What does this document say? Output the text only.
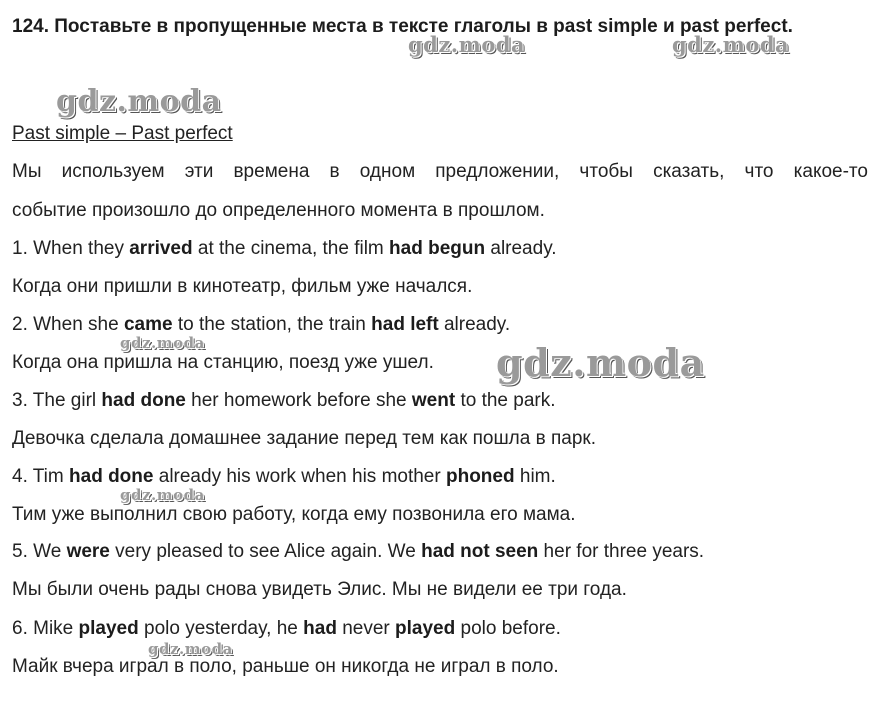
124. Поставьте в пропущенные места в тексте глаголы в past simple и past perfect.
gdz.moda	gdz.moda
gdz.moda
Past simple – Past perfect
Мы используем эти времена в одном предложении, чтобы сказать, что какое-то
событие произошло до определенного момента в прошлом.
1. When they arrived at the cinema, the film had begun already.
Когда они пришли в кинотеатр, фильм уже начался.
2. When she came to the station, the train had left already.
Когда она пришла на станцию, поезд уже ушел.
gdz.moda	gdz.moda
3. The girl had done her homework before she went to the park.
Девочка сделала домашнее задание перед тем как пошла в парк.
4. Tim had done already his work when his mother phoned him.
Тим уже выполнил свою работу, когда ему позвонила его мама.
gdz.moda
5. We were very pleased to see Alice again. We had not seen her for three years.
Мы были очень рады снова увидеть Элис. Мы не видели ее три года.
6. Mike played polo yesterday, he had never played polo before.
Майк вчера играл в поло, раньше он никогда не играл в поло.
gdz.moda
